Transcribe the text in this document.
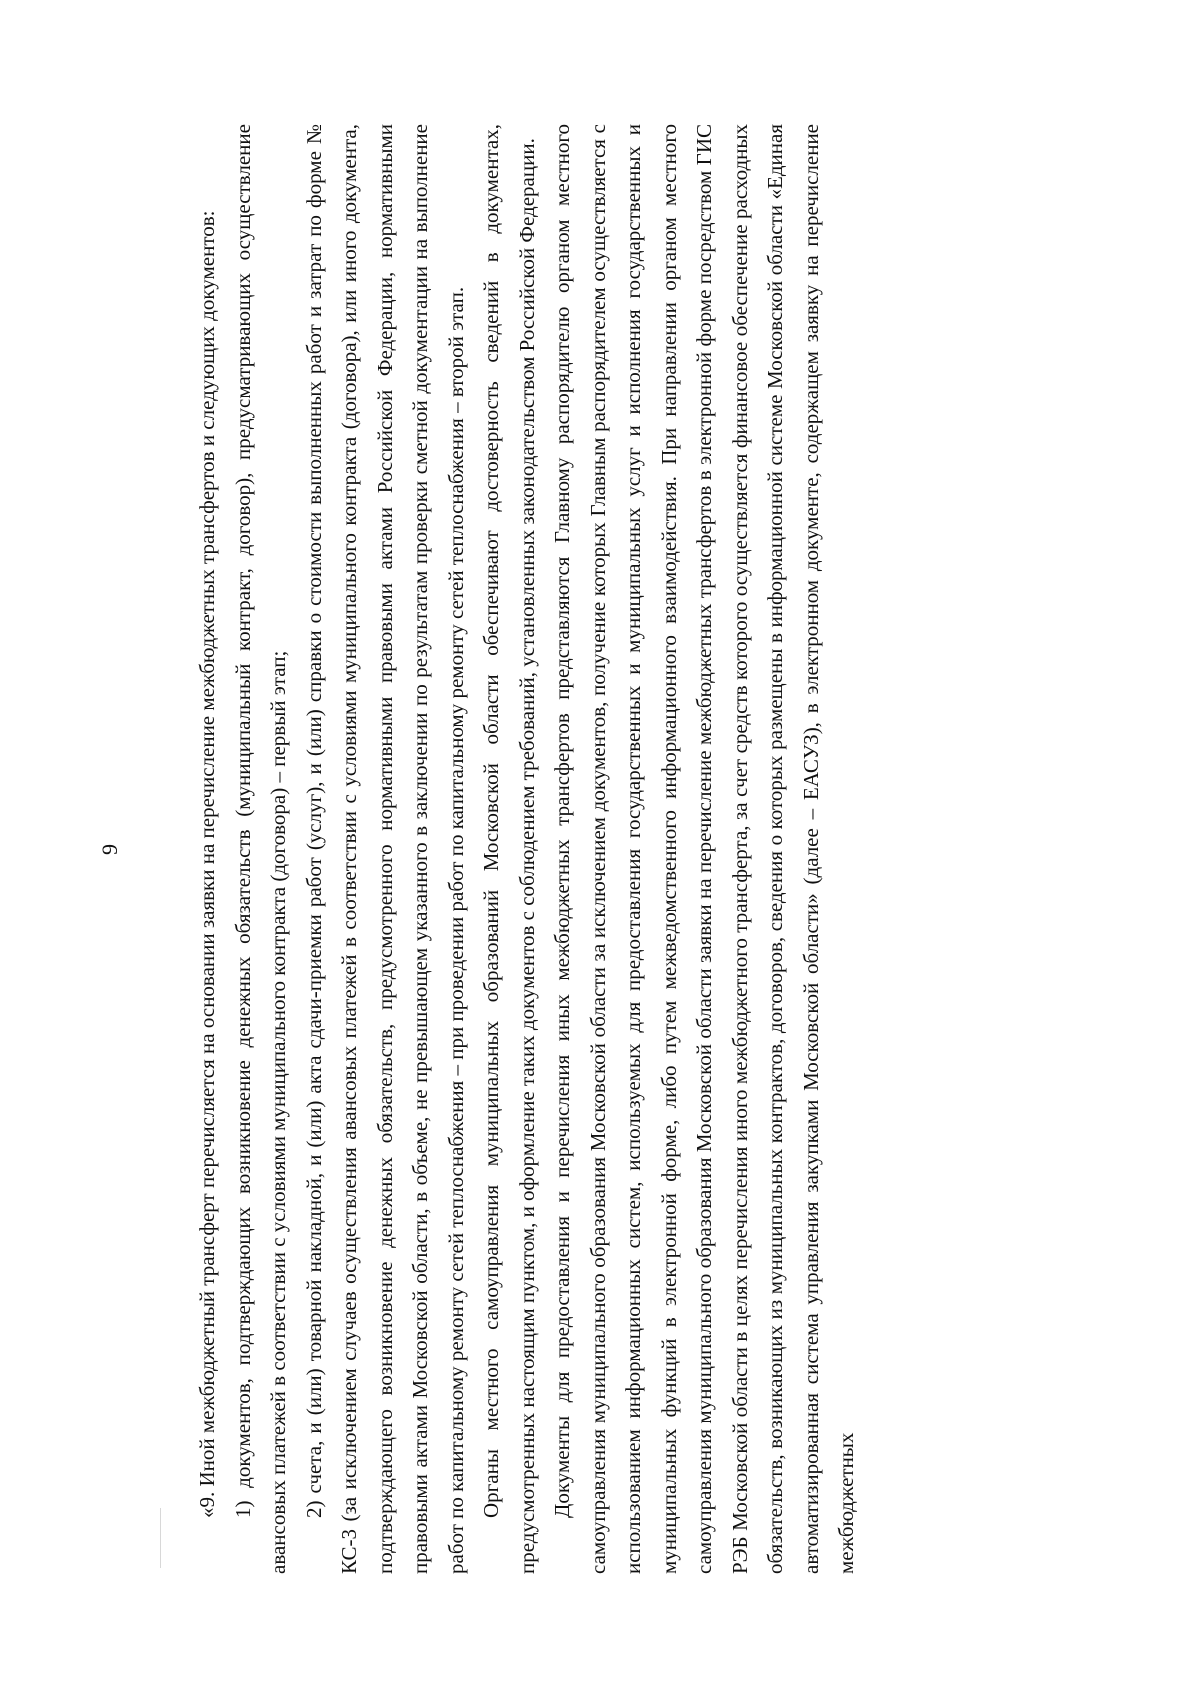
9	«9. Иной межбюджетный трансферт перечисляется на основании заявки на перечисление межбюджетных трансфертов и следующих документов: 1) документов, подтверждающих возникновение денежных обязательств (муниципальный контракт, договор), предусматривающих осуществление авансовых платежей в соответствии с условиями муниципального контракта (договора) – первый этап; 2) счета, и (или) товарной накладной, и (или) акта сдачи-приемки работ (услуг), и (или) справки о стоимости выполненных работ и затрат по форме № КС-3 (за исключением случаев осуществления авансовых платежей в соответствии с условиями муниципального контракта (договора), или иного документа, подтверждающего возникновение денежных обязательств, предусмотренного нормативными правовыми актами Российской Федерации, нормативными правовыми актами Московской области, в объеме, не превышающем указанного в заключении по результатам проверки сметной документации на выполнение работ по капитальному ремонту сетей теплоснабжения – при проведении работ по капитальному ремонту сетей теплоснабжения – второй этап. Органы местного самоуправления муниципальных образований Московской области обеспечивают достоверность сведений в документах, предусмотренных настоящим пунктом, и оформление таких документов с соблюдением требований, установленных законодательством Российской Федерации. Документы для предоставления и перечисления иных межбюджетных трансфертов представляются Главному распорядителю органом местного самоуправления муниципального образования Московской области за исключением документов, получение которых Главным распорядителем осуществляется с использованием информационных систем, используемых для предоставления государственных и муниципальных услуг и исполнения государственных и муниципальных функций в электронной форме, либо путем межведомственного информационного взаимодействия. При направлении органом местного самоуправления муниципального образования Московской области заявки на перечисление межбюджетных трансфертов в электронной форме посредством ГИС РЭБ Московской области в целях перечисления иного межбюджетного трансферта, за счет средств которого осуществляется финансовое обеспечение расходных обязательств, возникающих из муниципальных контрактов, договоров, сведения о которых размещены в информационной системе Московской области «Единая автоматизированная система управления закупками Московской области» (далее – ЕАСУЗ), в электронном документе, содержащем заявку на перечисление межбюджетных
